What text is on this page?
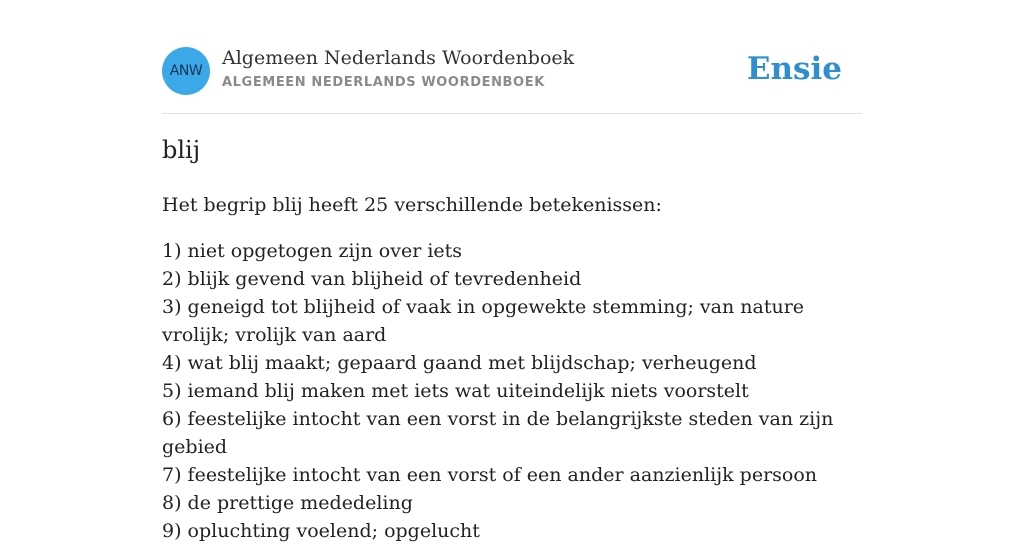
ANW
Algemeen Nederlands Woordenboek
ALGEMEEN NEDERLANDS WOORDENBOEK	Ensie
blij

Het begrip blij heeft 25 verschillende betekenissen:

1) niet opgetogen zijn over iets
2) blijk gevend van blijheid of tevredenheid
3) geneigd tot blijheid of vaak in opgewekte stemming; van nature vrolijk; vrolijk van aard
4) wat blij maakt; gepaard gaand met blijdschap; verheugend
5) iemand blij maken met iets wat uiteindelijk niets voorstelt
6) feestelijke intocht van een vorst in de belangrijkste steden van zijn gebied
7) feestelijke intocht van een vorst of een ander aanzienlijk persoon
8) de prettige mededeling
9) opluchting voelend; opgelucht
